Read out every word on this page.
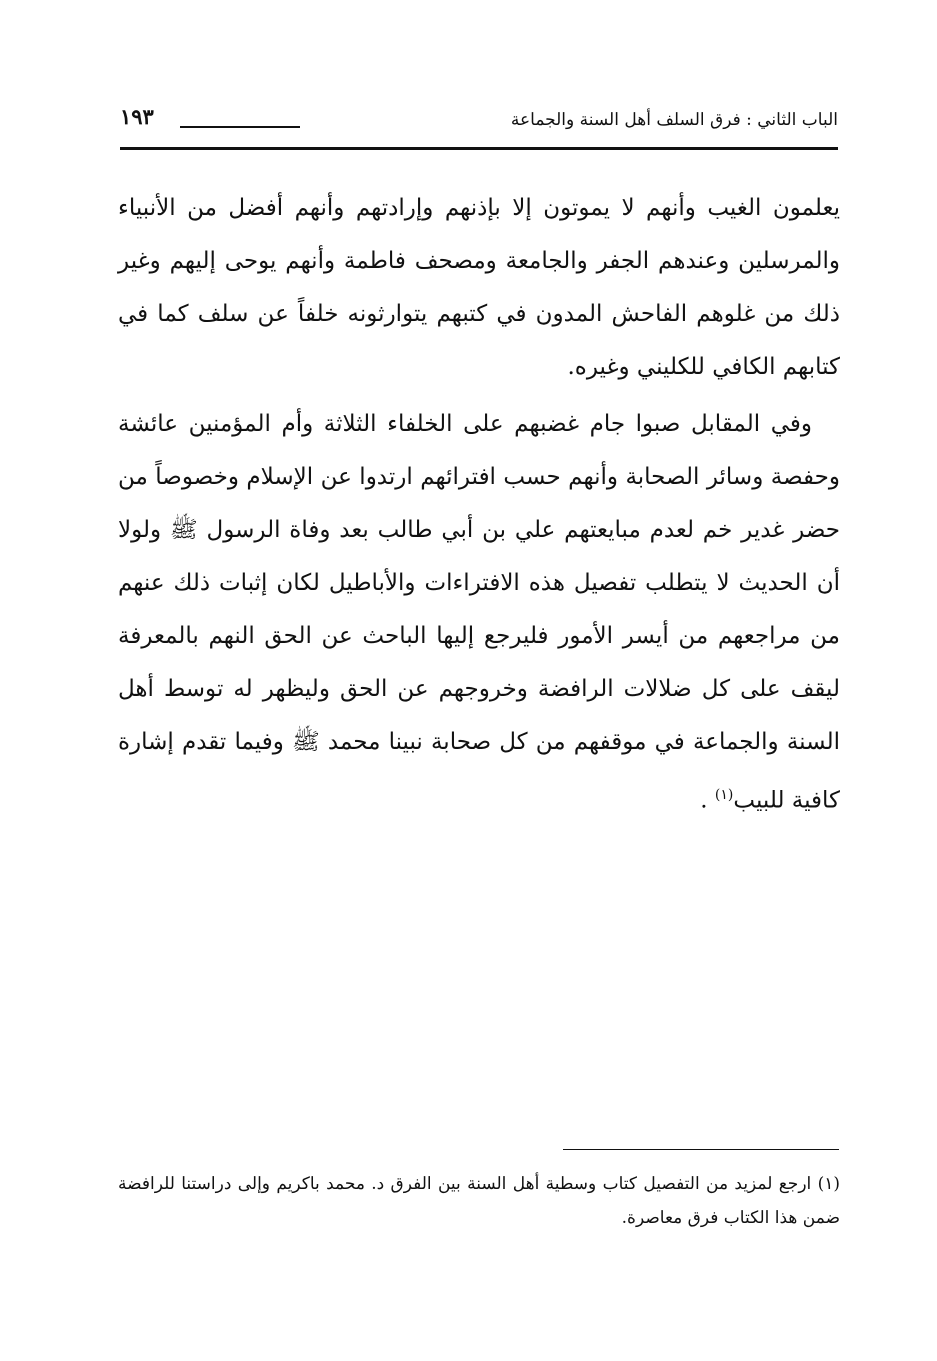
الباب الثاني : فرق السلف أهل السنة والجماعة
١٩٣

يعلمون الغيب وأنهم لا يموتون إلا بإذنهم وإرادتهم وأنهم أفضل من الأنبياء والمرسلين وعندهم الجفر والجامعة ومصحف فاطمة وأنهم يوحى إليهم وغير ذلك من غلوهم الفاحش المدون في كتبهم يتوارثونه خلفاً عن سلف كما في كتابهم الكافي للكليني وغيره.

وفي المقابل صبوا جام غضبهم على الخلفاء الثلاثة وأم المؤمنين عائشة وحفصة وسائر الصحابة وأنهم حسب افترائهم ارتدوا عن الإسلام وخصوصاً من حضر غدير خم لعدم مبايعتهم علي بن أبي طالب بعد وفاة الرسول ﷺ ولولا أن الحديث لا يتطلب تفصيل هذه الافتراءات والأباطيل لكان إثبات ذلك عنهم من مراجعهم من أيسر الأمور فليرجع إليها الباحث عن الحق النهم بالمعرفة ليقف على كل ضلالات الرافضة وخروجهم عن الحق وليظهر له توسط أهل السنة والجماعة في موقفهم من كل صحابة نبينا محمد ﷺ وفيما تقدم إشارة كافية للبيب$^{(١)}$ .

(١) ارجع لمزيد من التفصيل كتاب وسطية أهل السنة بين الفرق د. محمد باكريم وإلى دراستنا للرافضة ضمن هذا الكتاب فرق معاصرة.
